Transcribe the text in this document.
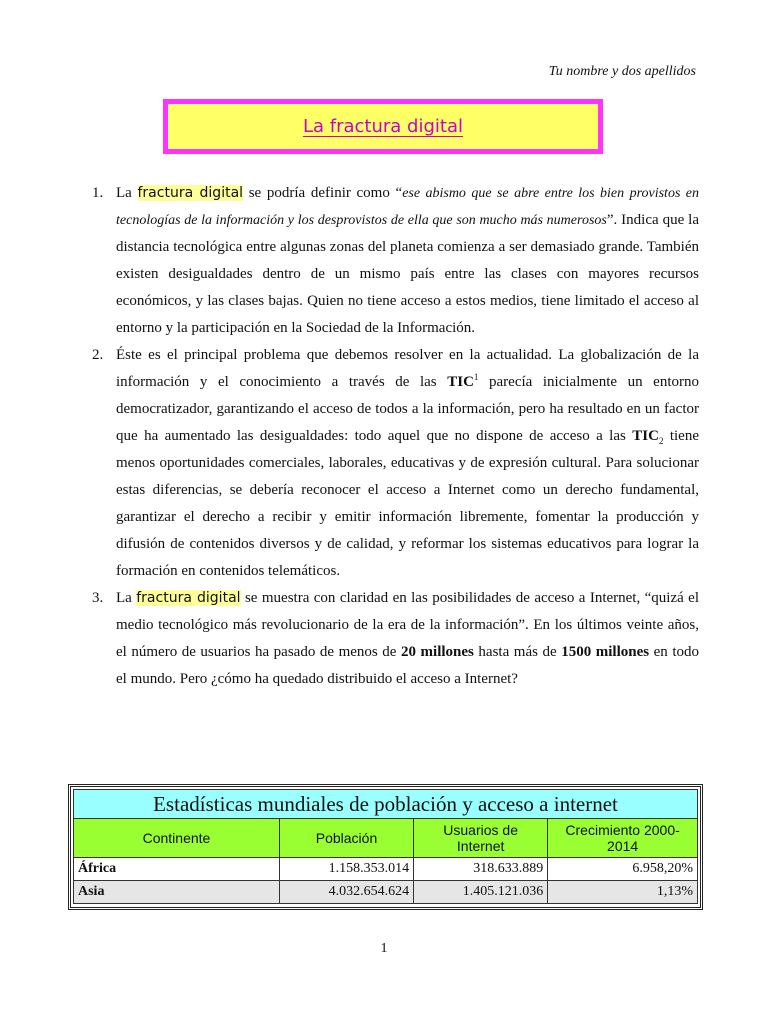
Tu nombre y dos apellidos
La fractura digital
1. La fractura digital se podría definir como “ese abismo que se abre entre los bien provistos en tecnologías de la información y los desprovistos de ella que son mucho más numerosos”. Indica que la distancia tecnológica entre algunas zonas del planeta comienza a ser demasiado grande. También existen desigualdades dentro de un mismo país entre las clases con mayores recursos económicos, y las clases bajas. Quien no tiene acceso a estos medios, tiene limitado el acceso al entorno y la participación en la Sociedad de la Información.
2. Éste es el principal problema que debemos resolver en la actualidad. La globalización de la información y el conocimiento a través de las TIC$^1$ parecía inicialmente un entorno democratizador, garantizando el acceso de todos a la información, pero ha resultado en un factor que ha aumentado las desigualdades: todo aquel que no dispone de acceso a las $TIC_2$ tiene menos oportunidades comerciales, laborales, educativas y de expresión cultural. Para solucionar estas diferencias, se debería reconocer el acceso a Internet como un derecho fundamental, garantizar el derecho a recibir y emitir información libremente, fomentar la producción y difusión de contenidos diversos y de calidad, y reformar los sistemas educativos para lograr la formación en contenidos telemáticos.
3. La fractura digital se muestra con claridad en las posibilidades de acceso a Internet, “quizá el medio tecnológico más revolucionario de la era de la información”. En los últimos veinte años, el número de usuarios ha pasado de menos de 20 millones hasta más de 1500 millones en todo el mundo. Pero ¿cómo ha quedado distribuido el acceso a Internet?
Estadísticas mundiales de población y acceso a internet			
Continente	Población	Usuarios de Internet	Crecimiento 2000-2014
África	1.158.353.014	318.633.889	6.958,20%
Asia	4.032.654.624	1.405.121.036	1,13%
1
